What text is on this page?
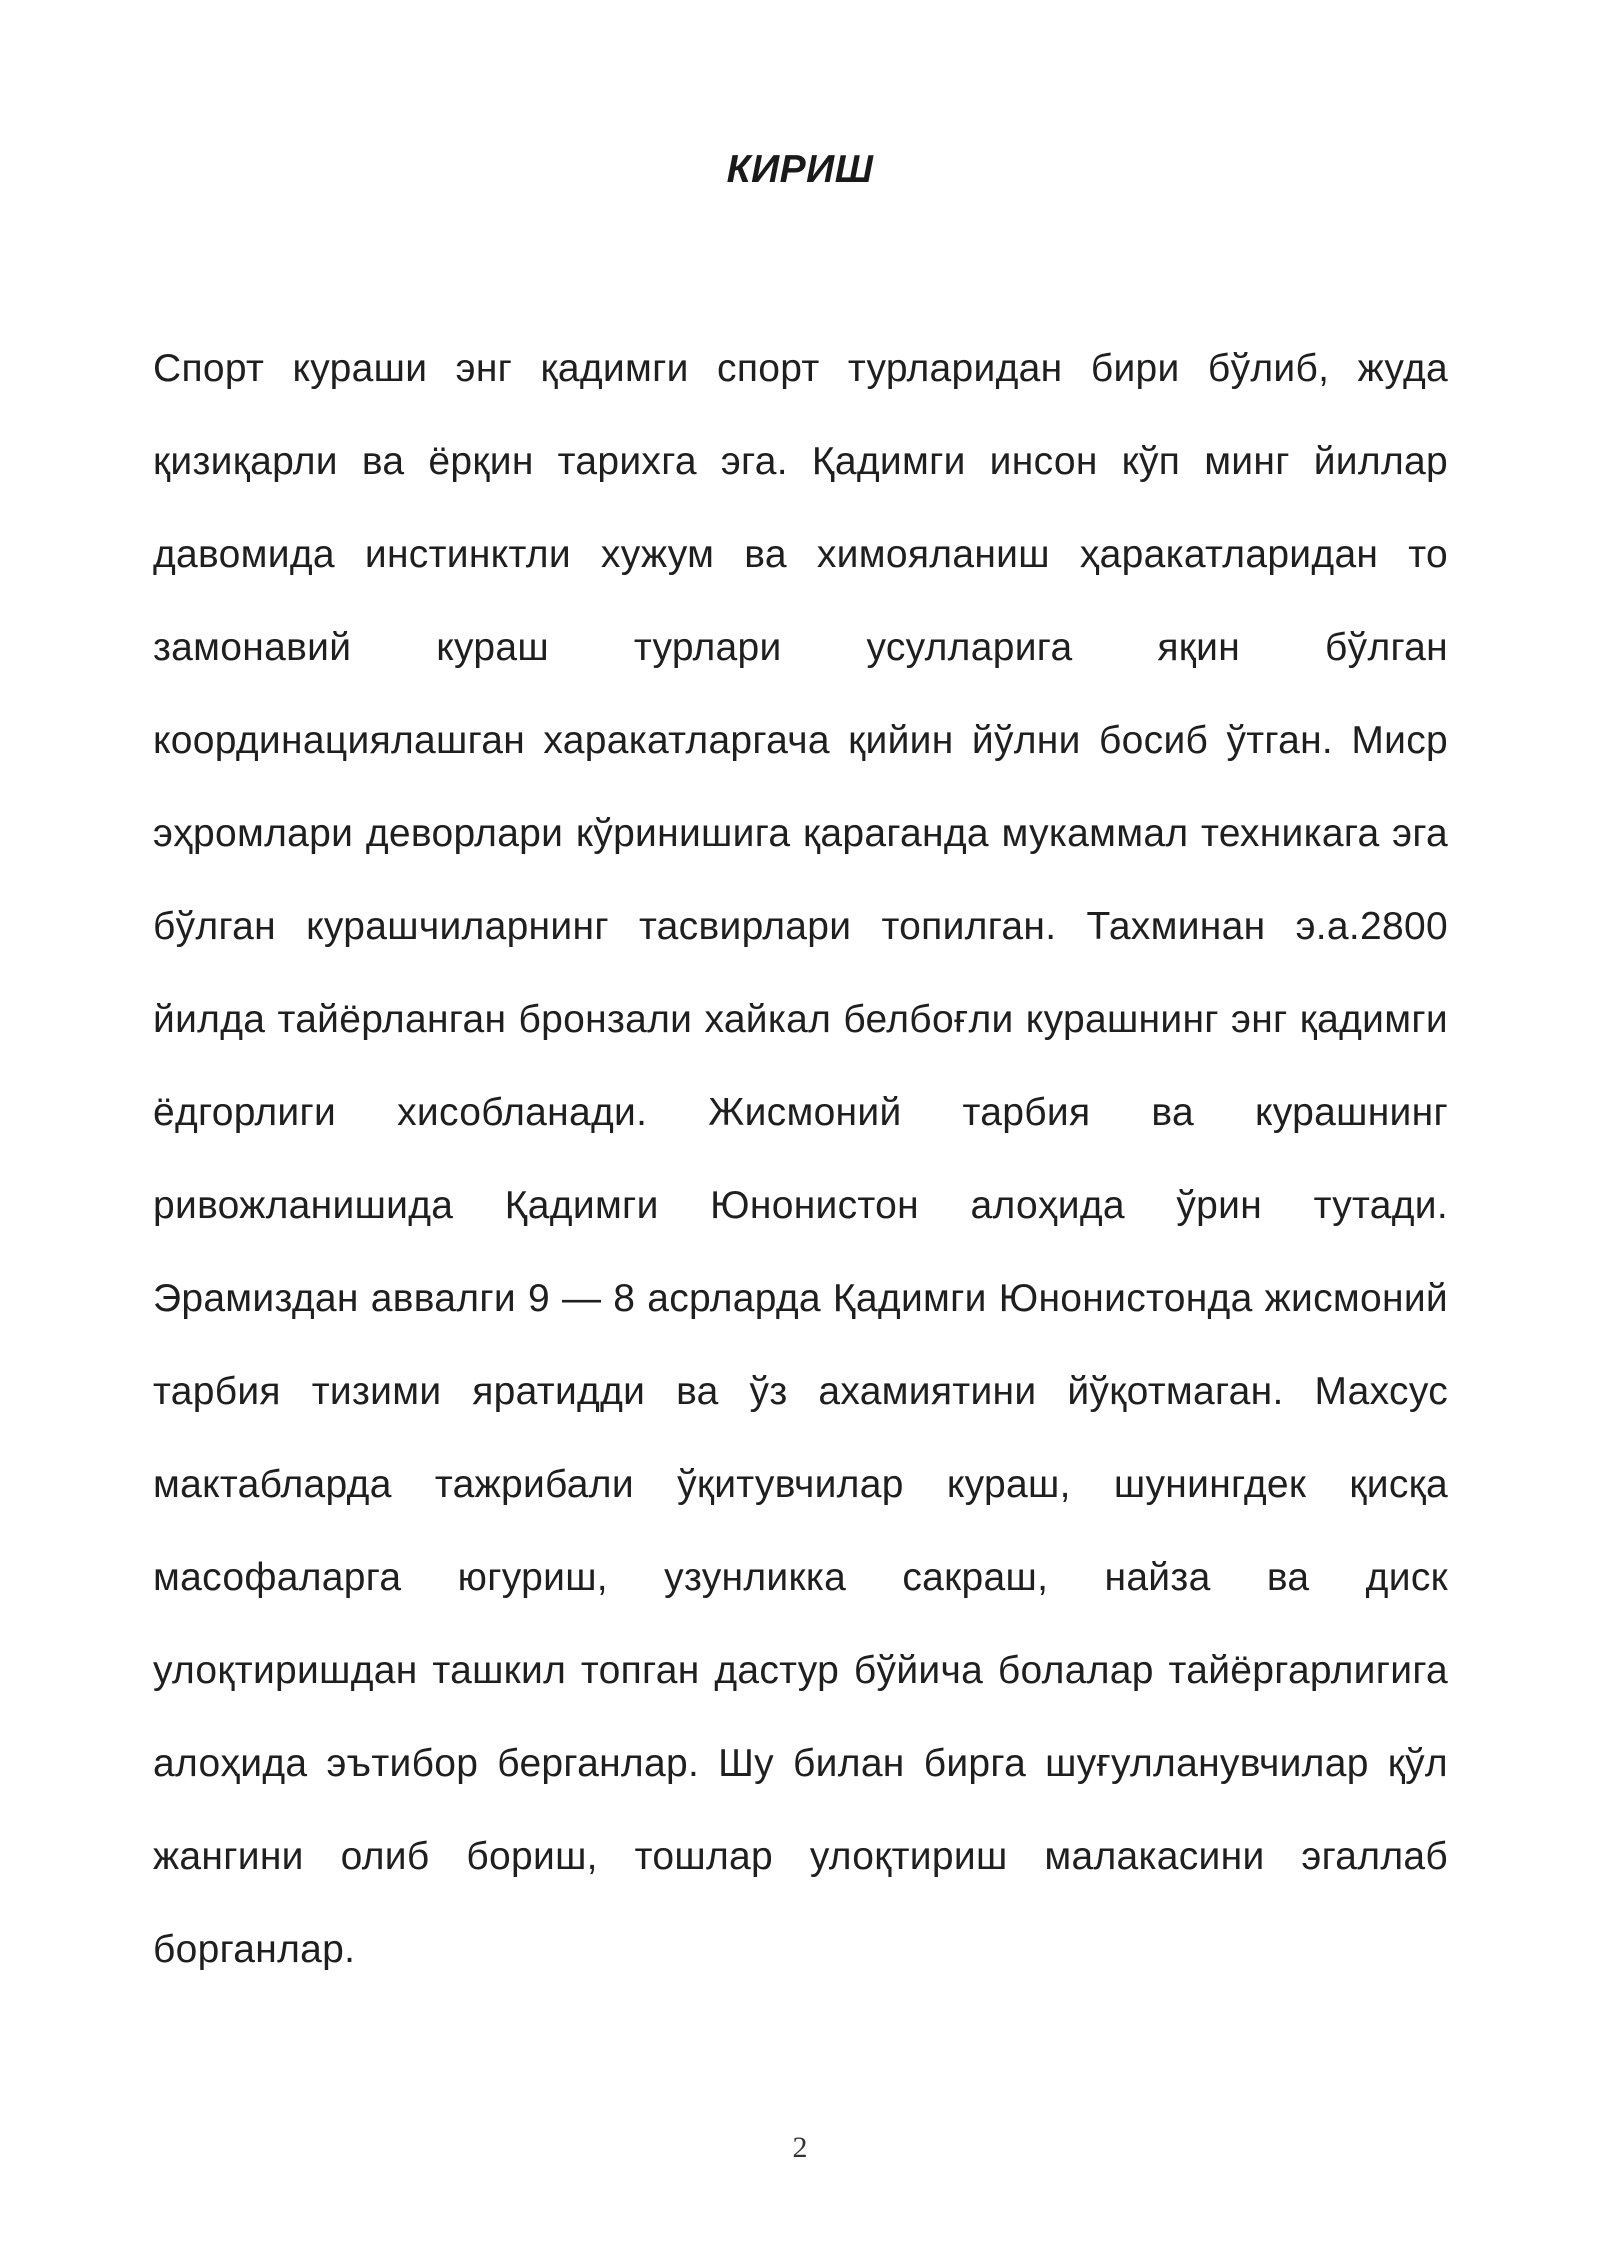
КИРИШ

Спорт кураши энг қадимги спорт турларидан бири бўлиб, жуда қизиқарли ва ёрқин тарихга эга. Қадимги инсон кўп минг йиллар давомида инстинктли хужум ва химояланиш ҳаракатларидан то замонавий кураш турлари усулларига яқин бўлган координациялашган харакатларгача қийин йўлни босиб ўтган. Миср эҳромлари деворлари кўринишига қараганда мукаммал техникага эга бўлган курашчиларнинг тасвирлари топилган. Тахминан э.а.2800 йилда тайёрланган бронзали хайкал белбоғли курашнинг энг қадимги ёдгорлиги хисобланади. Жисмоний тарбия ва курашнинг ривожланишида Қадимги Юнонистон алоҳида ўрин тутади. Эрамиздан аввалги 9 — 8 асрларда Қадимги Юнонистонда жисмоний тарбия тизими яратидди ва ўз ахамиятини йўқотмаган. Махсус мактабларда тажрибали ўқитувчилар кураш, шунингдек қисқа масофаларга югуриш, узунликка сакраш, найза ва диск улоқтиришдан ташкил топган дастур бўйича болалар тайёргарлигига алоҳида эътибор берганлар. Шу билан бирга шуғулланувчилар қўл жангини олиб бориш, тошлар улоқтириш малакасини эгаллаб борганлар.

2
